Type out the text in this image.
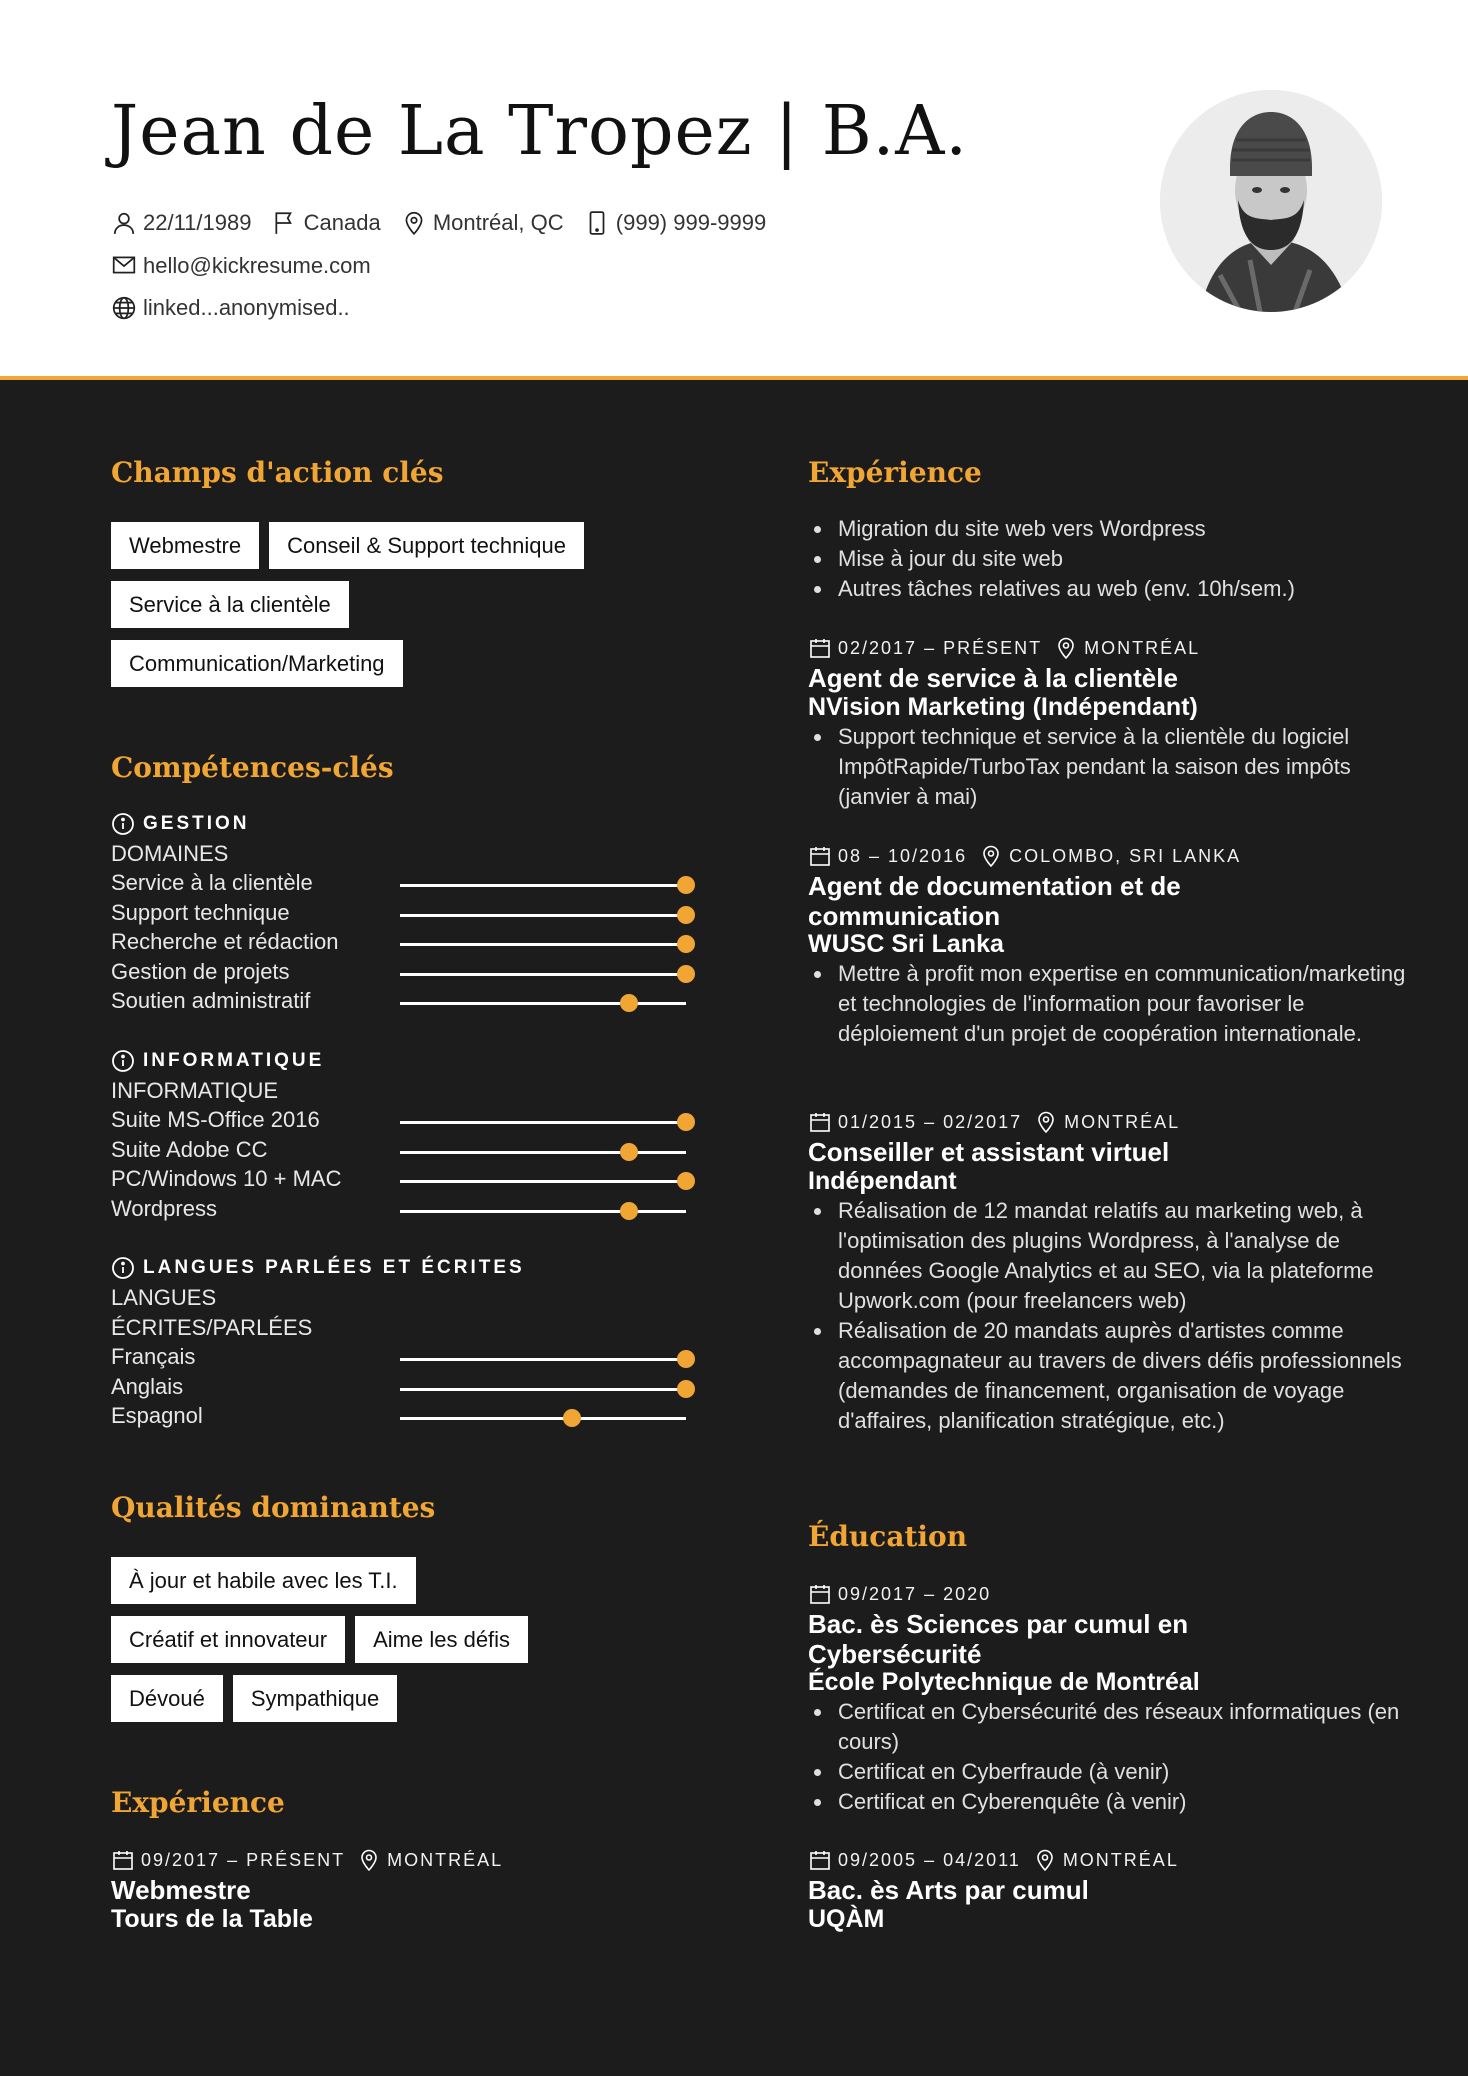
Jean de La Tropez | B.A.
22/11/1989
Canada
Montréal, QC
(999) 999-9999

hello@kickresume.com

linked...anonymised..
Champs d'action clés
Webmestre Conseil & Support technique
Service à la clientèle
Communication/Marketing
Compétences-clés
GESTION
DOMAINES
Service à la clientèle
Support technique
Recherche et rédaction
Gestion de projets
Soutien administratif
INFORMATIQUE
INFORMATIQUE
Suite MS-Office 2016
Suite Adobe CC
PC/Windows 10 + MAC
Wordpress
LANGUES PARLÉES ET ÉCRITES
LANGUES
ÉCRITES/PARLÉES
Français
Anglais
Espagnol
Qualités dominantes
À jour et habile avec les T.I.
Créatif et innovateur Aime les défis
Dévoué Sympathique
Expérience
09/2017 – PRÉSENT MONTRÉAL
Webmestre
Tours de la Table
Expérience
Migration du site web vers Wordpress
Mise à jour du site web
Autres tâches relatives au web (env. 10h/sem.)
02/2017 – PRÉSENT MONTRÉAL
Agent de service à la clientèle
NVision Marketing (Indépendant)
Support technique et service à la clientèle du logiciel ImpôtRapide/TurboTax pendant la saison des impôts (janvier à mai)
08 – 10/2016 COLOMBO, SRI LANKA
Agent de documentation et de communication
WUSC Sri Lanka
Mettre à profit mon expertise en communication/marketing et technologies de l'information pour favoriser le déploiement d'un projet de coopération internationale.
01/2015 – 02/2017 MONTRÉAL
Conseiller et assistant virtuel
Indépendant
Réalisation de 12 mandat relatifs au marketing web, à l'optimisation des plugins Wordpress, à l'analyse de données Google Analytics et au SEO, via la plateforme Upwork.com (pour freelancers web)
Réalisation de 20 mandats auprès d'artistes comme accompagnateur au travers de divers défis professionnels (demandes de financement, organisation de voyage d'affaires, planification stratégique, etc.)
Éducation
09/2017 – 2020
Bac. ès Sciences par cumul en Cybersécurité
École Polytechnique de Montréal
Certificat en Cybersécurité des réseaux informatiques (en cours)
Certificat en Cyberfraude (à venir)
Certificat en Cyberenquête (à venir)
09/2005 – 04/2011 MONTRÉAL
Bac. ès Arts par cumul
UQÀM
